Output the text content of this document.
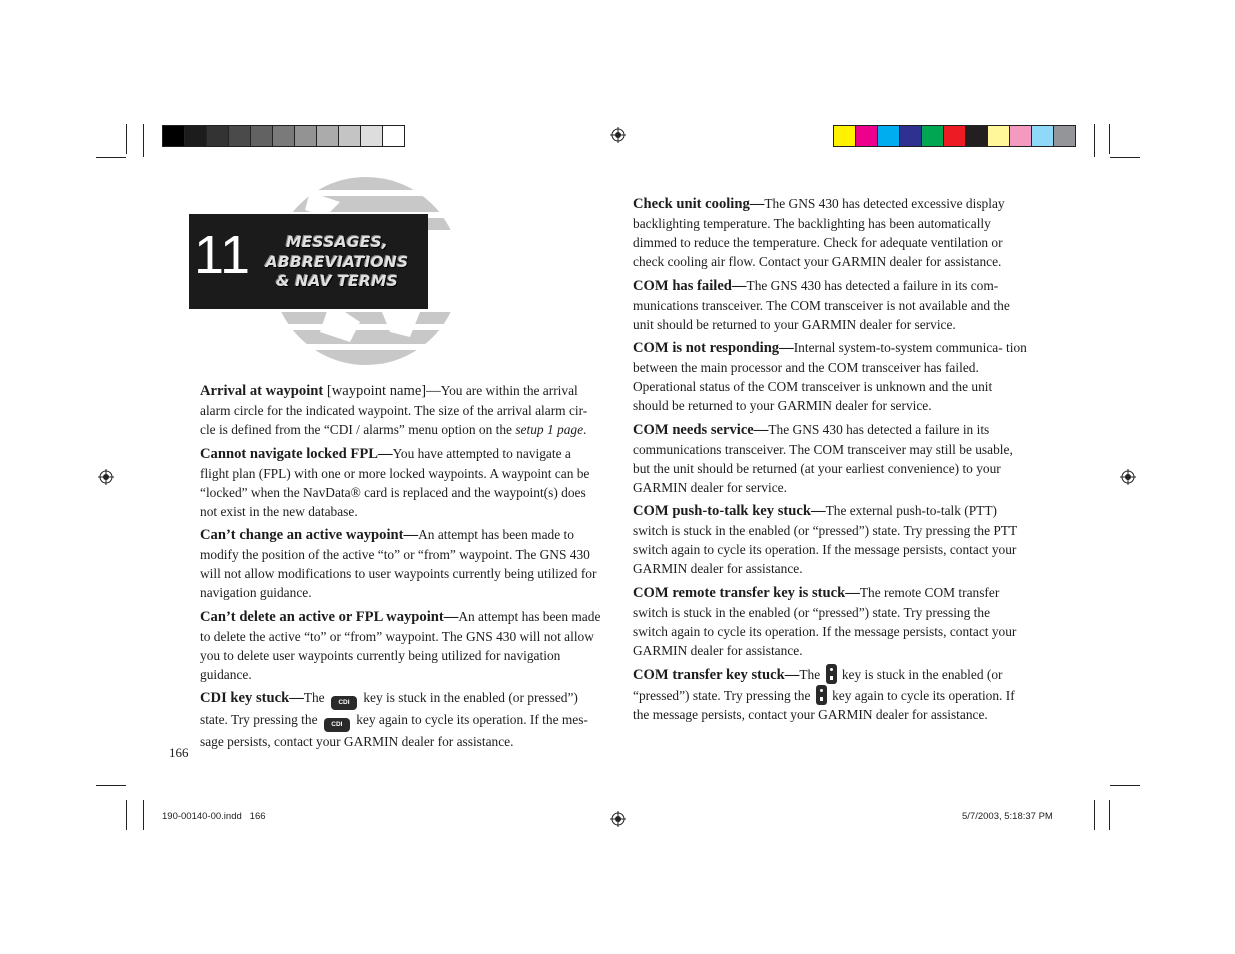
11	MESSAGES,
ABBREVIATIONS
& NAV TERMS

Arrival at waypoint [waypoint name]—You are within the arrival alarm circle for the indicated waypoint. The size of the arrival alarm cir- cle is defined from the “CDI / alarms” menu option on the setup 1 page.

Cannot navigate locked FPL—You have attempted to navigate a flight plan (FPL) with one or more locked waypoints. A waypoint can be “locked” when the NavData® card is replaced and the waypoint(s) does not exist in the new database.

Can’t change an active waypoint—An attempt has been made to modify the position of the active “to” or “from” waypoint. The GNS 430 will not allow modifications to user waypoints currently being utilized for navigation guidance.

Can’t delete an active or FPL waypoint—An attempt has been made to delete the active “to” or “from” waypoint. The GNS 430 will not allow you to delete user waypoints currently being utilized for navigation guidance.

CDI key stuck—The CDI key is stuck in the enabled (or pressed”) state. Try pressing the CDI key again to cycle its operation. If the mes- sage persists, contact your GARMIN dealer for assistance.

Check unit cooling—The GNS 430 has detected excessive display backlighting temperature. The backlighting has been automatically dimmed to reduce the temperature. Check for adequate ventilation or check cooling air flow. Contact your GARMIN dealer for assistance.

COM has failed—The GNS 430 has detected a failure in its com- munications transceiver. The COM transceiver is not available and the unit should be returned to your GARMIN dealer for service.

COM is not responding—Internal system-to-system communica- tion between the main processor and the COM transceiver has failed. Operational status of the COM transceiver is unknown and the unit should be returned to your GARMIN dealer for service.

COM needs service—The GNS 430 has detected a failure in its communications transceiver. The COM transceiver may still be usable, but the unit should be returned (at your earliest convenience) to your GARMIN dealer for service.

COM push-to-talk key stuck—The external push-to-talk (PTT) switch is stuck in the enabled (or “pressed”) state. Try pressing the PTT switch again to cycle its operation. If the message persists, contact your GARMIN dealer for assistance.

COM remote transfer key is stuck—The remote COM transfer switch is stuck in the enabled (or “pressed”) state. Try pressing the switch again to cycle its operation. If the message persists, contact your GARMIN dealer for assistance.

COM transfer key stuck—The  key is stuck in the enabled (or “pressed”) state. Try pressing the  key again to cycle its operation. If the message persists, contact your GARMIN dealer for assistance.

166
190-00140-00.indd   166	5/7/2003, 5:18:37 PM
